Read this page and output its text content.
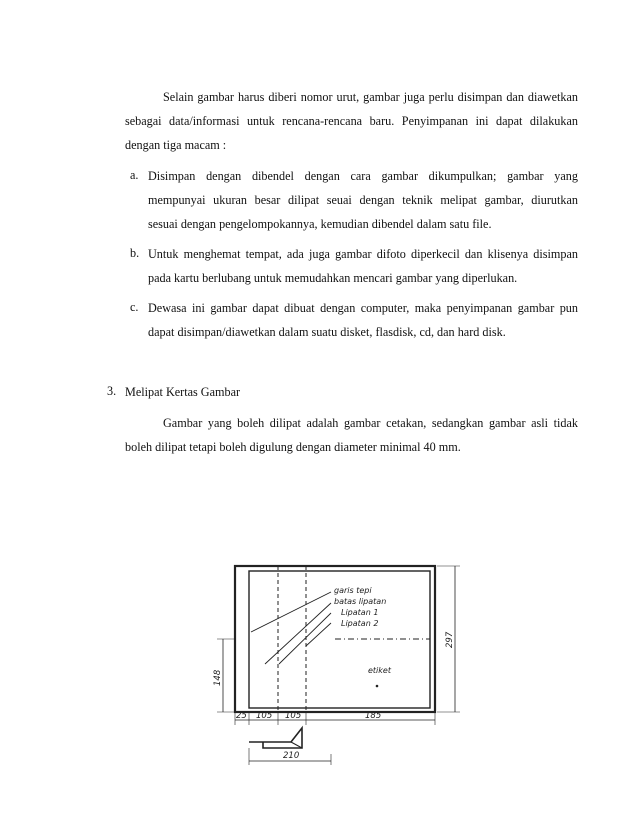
Selain gambar harus diberi nomor urut, gambar juga perlu disimpan dan diawetkan
sebagai data/informasi untuk rencana-rencana baru. Penyimpanan ini dapat dilakukan
dengan tiga macam :
a. Disimpan dengan dibendel dengan cara gambar dikumpulkan; gambar yang
mempunyai ukuran besar dilipat seuai dengan teknik melipat gambar, diurutkan
sesuai dengan pengelompokannya, kemudian dibendel dalam satu file.
b. Untuk menghemat tempat, ada juga gambar difoto diperkecil dan klisenya disimpan
pada kartu berlubang untuk memudahkan mencari gambar yang diperlukan.
c. Dewasa ini gambar dapat dibuat dengan computer, maka penyimpanan gambar pun
dapat disimpan/diawetkan dalam suatu disket, flasdisk, cd, dan hard disk.
3. Melipat Kertas Gambar
Gambar yang boleh dilipat adalah gambar cetakan, sedangkan gambar asli tidak
boleh dilipat tetapi boleh digulung dengan diameter minimal 40 mm.
garis tepi
batas lipatan
Lipatan 1
Lipatan 2
etiket
297
148
25 105 105	185
210
